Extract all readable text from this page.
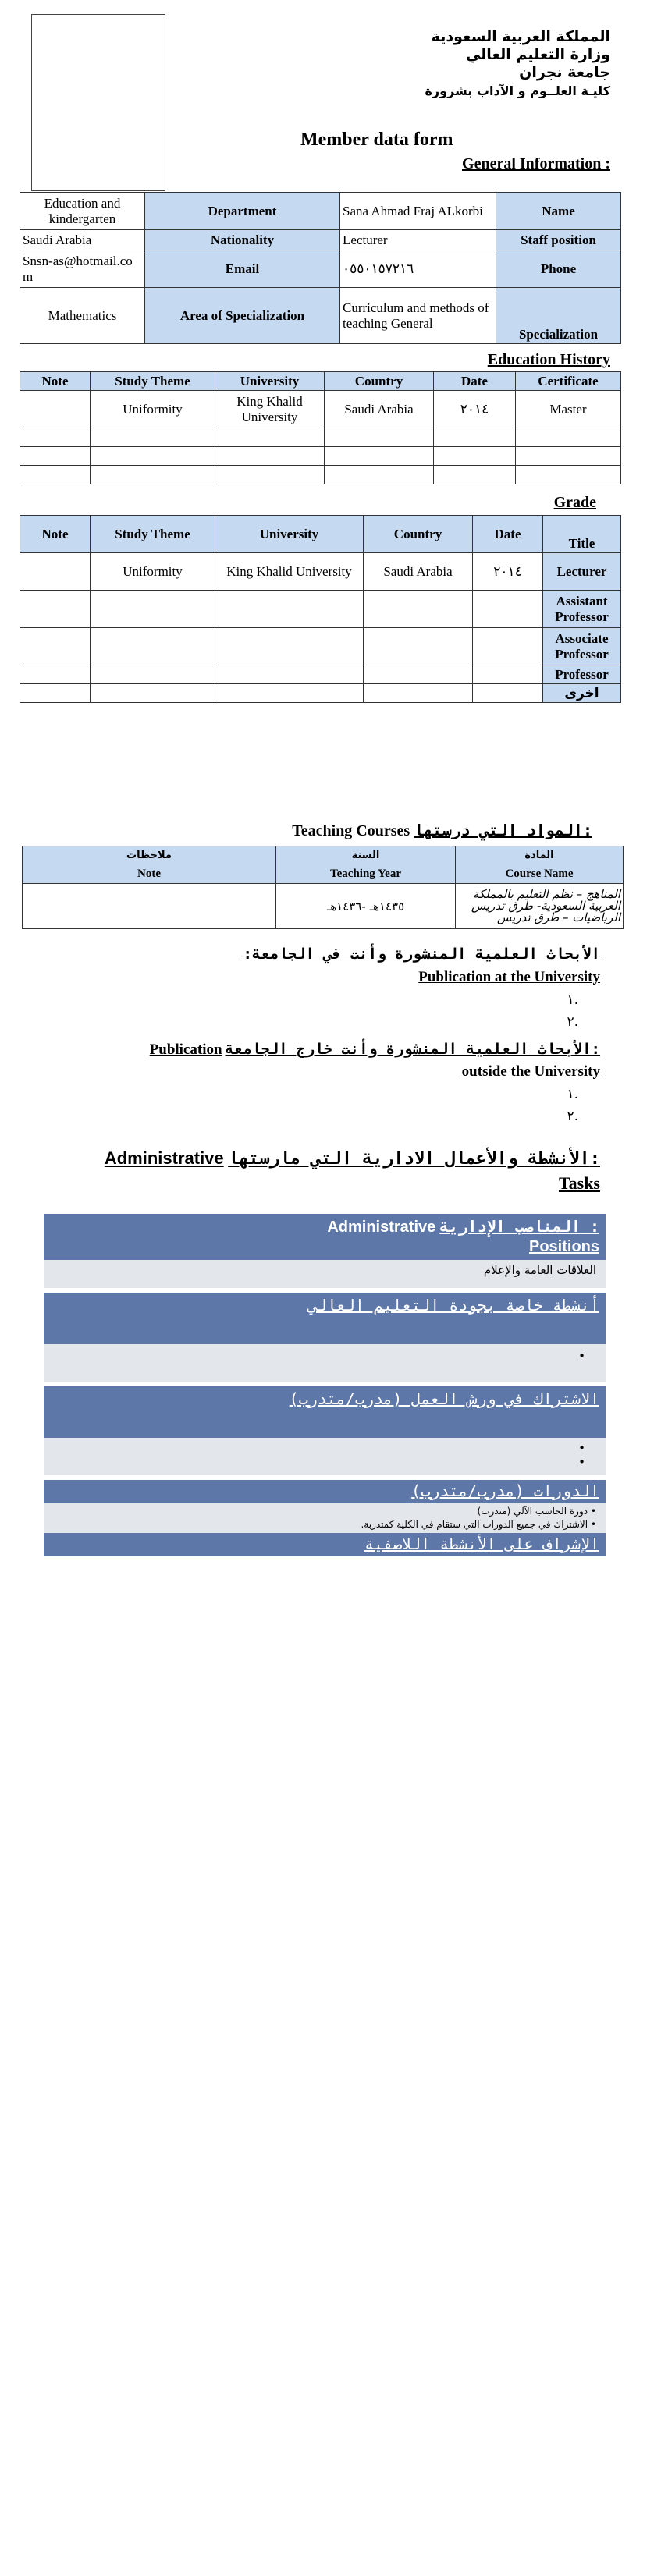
المملكة العربية السعودية
وزارة التعليم العالي
جامعة نجران
كليـة العلــوم و الآداب بشرورة
Member data form
General Information :
Education and kindergarten	Department	Sana Ahmad Fraj ALkorbi	Name
Saudi Arabia	Nationality	Lecturer	Staff position
Snsn-as@hotmail.com	Email	٠٥٥٠١٥٧٢١٦	Phone
Mathematics	Area of Specialization	Curriculum and methods of teaching General	Specialization
Education History
Note	Study Theme	University	Country	Date	Certificate
	Uniformity	King Khalid University	Saudi Arabia	٢٠١٤	Master

Grade
Note	Study Theme	University	Country	Date	Title
	Uniformity	King Khalid University	Saudi Arabia	٢٠١٤	Lecturer
					Assistant Professor
					Associate Professor
					Professor
					اخرى
Teaching Courses المواد التي درستها:
ملاحظات	السنة	المادة
Note	Teaching Year	Course Name
	١٤٣٥هـ -١٤٣٦هـ	المناهج – نظم التعليم بالمملكة العربية السعودية- طرق تدريس الرياضيات – طرق تدريس
الأبحاث العلمية المنشورة وأنت في الجامعة:
Publication at the University
١.
٢.
Publication الأبحاث العلمية المنشورة وأنت خارج الجامعة:
outside the University
١.
٢.
Administrative الأنشطة والأعمال الادارية التي مارستها:
Tasks
Administrative المناصب الإدارية :
Positions
العلاقات العامة والإعلام
أنشطة خاصة بجودة التعليم العالي
•
الاشتراك في ورش العمل (مدرب/متدرب)
•
•
الدورات (مدرب/متدرب)
• دورة الحاسب الآلي (متدرب)
• الاشتراك في جميع الدورات التي ستقام في الكلية كمتدربة.
الإشراف على الأنشطة اللاصفية
